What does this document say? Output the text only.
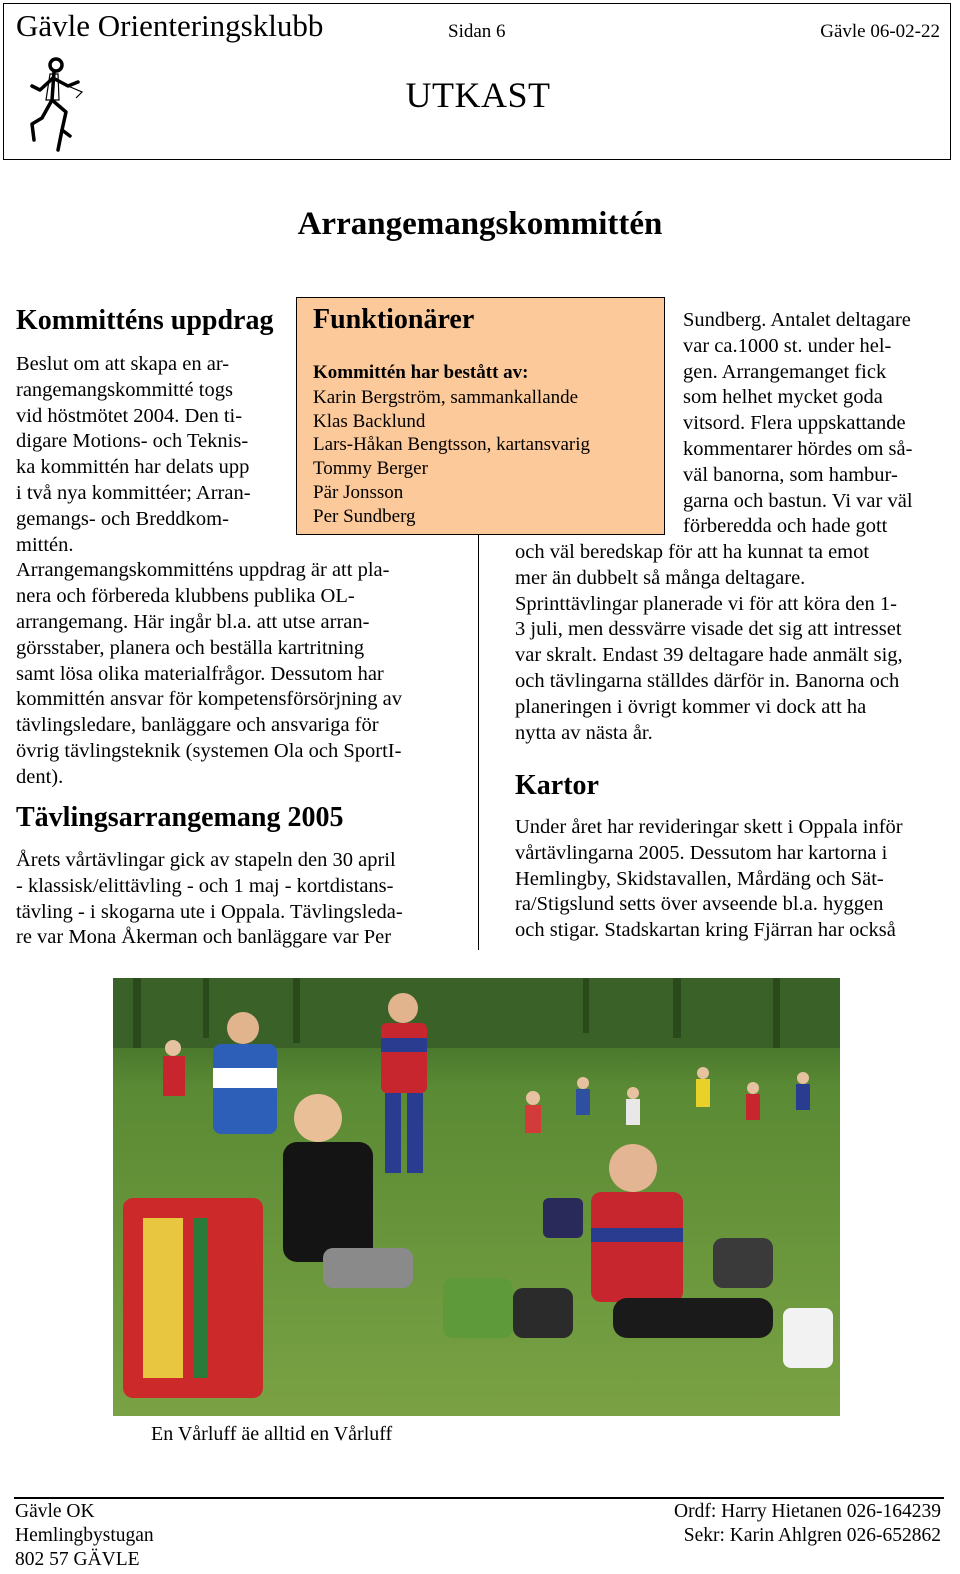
Gävle Orienteringsklubb	Sidan 6	Gävle 06-02-22
UTKAST
Arrangemangskommittén
Kommitténs uppdrag
Beslut om att skapa en ar-
rangemangskommitté togs
vid höstmötet 2004. Den ti-
digare Motions- och Teknis-
ka kommittén har delats upp
i två nya kommittéer; Arran-
gemangs- och Breddkom-
mittén.
Arrangemangskommitténs uppdrag är att pla-
nera och förbereda klubbens publika OL-
arrangemang. Här ingår bl.a. att utse arran-
görsstaber, planera och beställa kartritning
samt lösa olika materialfrågor. Dessutom har
kommittén ansvar för kompetensförsörjning av
tävlingsledare, banläggare och ansvariga för
övrig tävlingsteknik (systemen Ola och SportI-
dent).
Tävlingsarrangemang 2005
Årets vårtävlingar gick av stapeln den 30 april
- klassisk/elittävling - och 1 maj - kortdistans-
tävling - i skogarna ute i Oppala. Tävlingsleda-
re var Mona Åkerman och banläggare var Per
Funktionärer
Kommittén har bestått av:
Karin Bergström, sammankallande
Klas Backlund
Lars-Håkan Bengtsson, kartansvarig
Tommy Berger
Pär Jonsson
Per Sundberg
Sundberg. Antalet deltagare
var ca.1000 st. under hel-
gen. Arrangemanget fick
som helhet mycket goda
vitsord. Flera uppskattande
kommentarer hördes om så-
väl banorna, som hambur-
garna och bastun. Vi var väl
förberedda och hade gott
och väl beredskap för att ha kunnat ta emot
mer än dubbelt så många deltagare.
Sprinttävlingar planerade vi för att köra den 1-
3 juli, men dessvärre visade det sig att intresset
var skralt. Endast 39 deltagare hade anmält sig,
och tävlingarna ställdes därför in. Banorna och
planeringen i övrigt kommer vi dock att ha
nytta av nästa år.
Kartor
Under året har revideringar skett i Oppala inför
vårtävlingarna 2005. Dessutom har kartorna i
Hemlingby, Skidstavallen, Mårdäng och Sät-
ra/Stigslund setts över avseende bl.a. hyggen
och stigar. Stadskartan kring Fjärran har också
En Vårluff äe alltid en Vårluff
Gävle OK
Hemlingbystugan
802 57 GÄVLE
Ordf: Harry Hietanen 026-164239
Sekr: Karin Ahlgren 026-652862
